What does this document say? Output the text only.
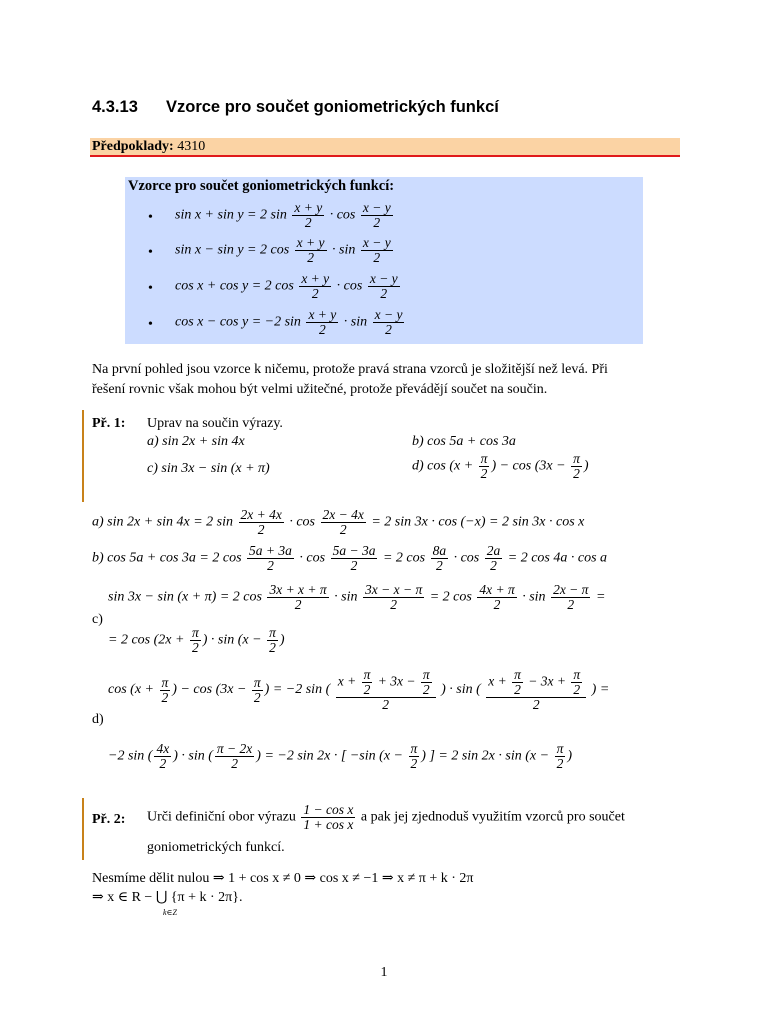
4.3.13 Vzorce pro součet goniometrických funkcí
Předpoklady: 4310
Vzorce pro součet goniometrických funkcí:
• sin x + sin y = 2 $\sin \frac{x + y}{2} \cdot \cos \frac{x - y}{2}$
• sin x − sin y = 2 $\cos \frac{x + y}{2} \cdot \sin \frac{x - y}{2}$
• cos x + cos y = 2 $\cos \frac{x + y}{2} \cdot \cos \frac{x - y}{2}$
• cos x − cos y = −2 $\sin \frac{x + y}{2} \cdot \sin \frac{x - y}{2}$
Na první pohled jsou vzorce k ničemu, protože pravá strana vzorců je složitější než levá. Při
řešení rovnic však mohou být velmi užitečné, protože převádějí součet na součin.
Př. 1: Uprav na součin výrazy.
a) sin 2x + sin 4x	b) cos 5a + cos 3a
c) sin 3x − sin (x + π)	d) $\cos (x + \frac{\pi}{2}$ ) − $\cos (3x - \frac{\pi}{2}$ )
a) sin 2x + sin 4x = 2 $\sin \frac{2x + 4x}{2} \cdot \cos \frac{2x - 4x}{2} = 2$ sin 3x · cos (−x) = 2 sin 3x · cos x
b) cos 5a + cos 3a = 2 $\cos \frac{5a + 3a}{2} \cdot \cos \frac{5a - 3a}{2} = 2$ $\cos \frac{8a}{2} \cdot \cos \frac{2a}{2} = 2$ cos 4a · cos a
c)
sin 3x − sin (x + π) = 2 $\cos \frac{3x + x + \pi}{2} \cdot \sin \frac{3x - x - \pi}{2} = 2$ $\cos \frac{4x + \pi}{2} \cdot \sin \frac{2x - \pi}{2}$ =
= 2 $\cos (2x + \frac{\pi}{2}$ ) · $\sin (x - \frac{\pi}{2}$ )
d)
$\cos (x + \frac{\pi}{2}$ ) − $\cos (3x - \frac{\pi}{2}$ ) = −2 sin ( $\frac{x + \frac{\pi}{2} + 3x - \frac{\pi}{2}}{2}$ ) · sin ( $\frac{x + \frac{\pi}{2} - 3x + \frac{\pi}{2}}{2}$ ) =
−2 sin ( $\frac{4x}{2}$ ) · sin ( $\frac{\pi - 2x}{2}$ ) = −2 sin 2x · [ −sin ($x - \frac{\pi}{2}$ ) ] = 2 $\sin 2x \cdot \sin (x - \frac{\pi}{2}$ )
Př. 2: Urči definiční obor výrazu $\frac{\text{1 − cos x}}{\text{1 + cos x}}$ a pak jej zjednoduš využitím vzorců pro součet
goniometrických funkcí.
Nesmíme dělit nulou ⇒ 1 + cos x ≠ 0 ⇒ cos x ≠ −1 ⇒ x ≠ π + k · 2π
⇒ x ∈ R − ⋃ {π + k · 2π}.
k∈Z
1
